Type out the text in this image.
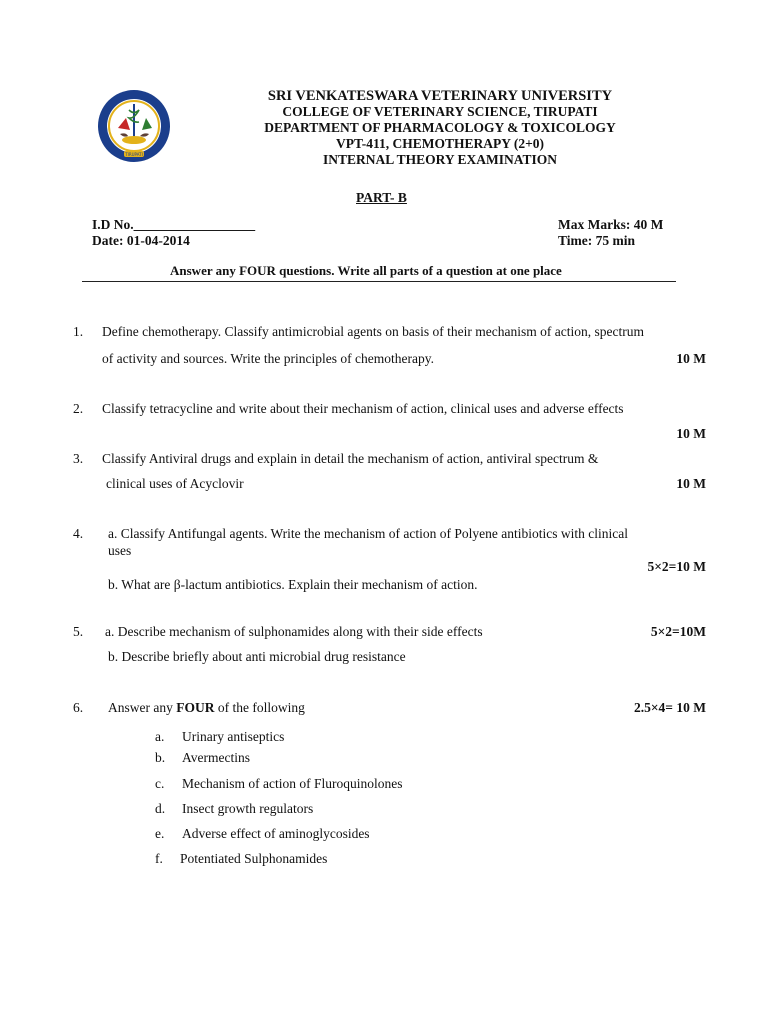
TIRUPATI
SRI VENKATESWARA VETERINARY UNIVERSITY
COLLEGE OF VETERINARY SCIENCE, TIRUPATI
DEPARTMENT OF PHARMACOLOGY & TOXICOLOGY
VPT-411, CHEMOTHERAPY (2+0)
INTERNAL THEORY EXAMINATION
PART- B
I.D No.__________________
Date: 01-04-2014
Max Marks: 40 M
Time: 75 min
Answer any FOUR questions. Write all parts of a question at one place
1. Define chemotherapy. Classify antimicrobial agents on basis of their mechanism of action, spectrum
of activity and sources. Write the principles of chemotherapy.	10 M
2. Classify tetracycline and write about their mechanism of action, clinical uses and adverse effects
10 M
3. Classify Antiviral drugs and explain in detail the mechanism of action, antiviral spectrum &
clinical uses of Acyclovir	10 M
4. a. Classify Antifungal agents. Write the mechanism of action of Polyene antibiotics with clinical
uses
5×2=10 M
b. What are β-lactum antibiotics. Explain their mechanism of action.
5. a. Describe mechanism of sulphonamides along with their side effects	5×2=10M
b. Describe briefly about anti microbial drug resistance
6. Answer any FOUR of the following	2.5×4= 10 M
a. Urinary antiseptics
b. Avermectins
c. Mechanism of action of Fluroquinolones
d. Insect growth regulators
e. Adverse effect of aminoglycosides
f. Potentiated Sulphonamides
